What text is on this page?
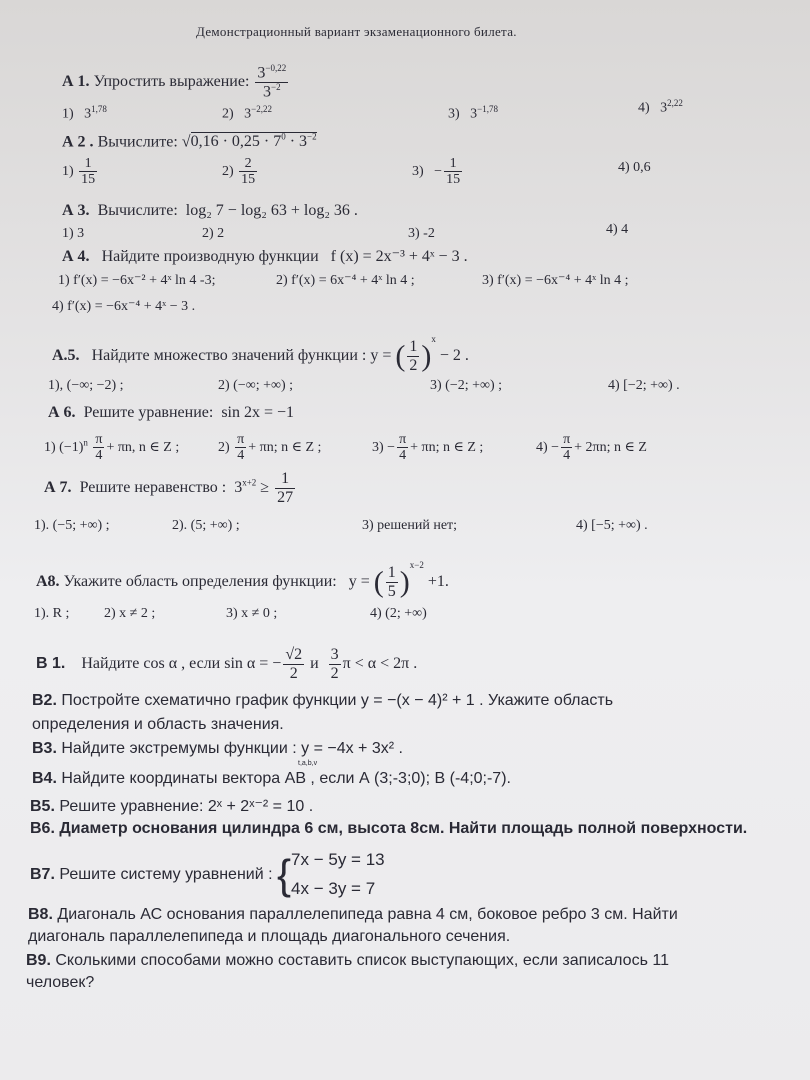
Демонстрационный вариант экзаменационного билета.
А 1. Упростить выражение: $\frac{3^{-0,22}}{3^{-2}}$
1) 3$^{1,78}$	2) $3^{-2,22}$	3) $3^{-1,78}$	4) 3$^{2,22}$
А 2 . Вычислите: $√0,16 \cdot 0,25 \cdot 7^0 \cdot 3^{-2}$
$1) \frac{1}{15}$	$2) \frac{2}{15}$	$3) - \frac{1}{15}$	4) 0,6
А 3. Вычислите: log₂ 7 − log₂ 63 + log₂ 36 .
1) 3	2) 2	3) -2	4) 4
А 4. Найдите производную функции f (x) = 2x⁻³ + 4ˣ − 3 .
1) f′(x) = −6x⁻² + 4ˣ ln 4 -3;	2) f′(x) = 6x⁻⁴ + 4ˣ ln 4 ;	3) f′(x) = −6x⁻⁴ + 4ˣ ln 4 ;
4) f′(x) = −6x⁻⁴ + 4ˣ − 3 .
А.5. Найдите множество значений функции : y = ( $\frac{1}{2} )^x - 2$ .
1), (−∞; −2) ;	2) (−∞; +∞) ;	3) (−2; +∞) ;	4) [−2; +∞) .
А 6. Решите уравнение: sin 2x = −1
1) $(-1)^n \frac{\pi}{4} + \pi n$, n ∈ Z ;	$2) \frac{\pi}{4} + \pi n$; n ∈ Z ;	$3) - \frac{\pi}{4} + \pi n$; n ∈ Z ;	$4) - \frac{\pi}{4} + 2\pi n$; n ∈ Z
А 7. Решите неравенство : $3^{x+2} \ge \frac{1}{27}$
1). (−5; +∞) ;	2). (5; +∞) ;	3) решений нет;	4) [−5; +∞) .
А8. Укажите область определения функции: y = ( $\frac{1}{5} )^{x-2} +1$.
1). R ; 2) x ≠ 2 ;	3) x ≠ 0 ;	4) (2; +∞)
В 1. Найдите cos α , если sin α = − $\frac{√2}{2}$ и $\frac{3}{2}$ π < α < 2π .
В2. Постройте схематично график функции y = −(x − 4)² + 1 . Укажите область
определения и область значения.
В3. Найдите экстремумы функции : y = −4x + 3x² .
t,a,b,v
В4. Найдите координаты вектора AB , если А (3;-3;0); В (-4;0;-7).
В5. Решите уравнение: 2ˣ + 2ˣ⁻² = 10 .
В6. Диаметр основания цилиндра 6 см, высота 8см. Найти площадь полной поверхности.
В7. Решите систему уравнений : { 7x − 5y = 13
4x − 3y = 7
В8. Диагональ АС основания параллелепипеда равна 4 см, боковое ребро 3 см. Найти
диагональ параллелепипеда и площадь диагонального сечения.
В9. Сколькими способами можно составить список выступающих, если записалось 11
человек?
